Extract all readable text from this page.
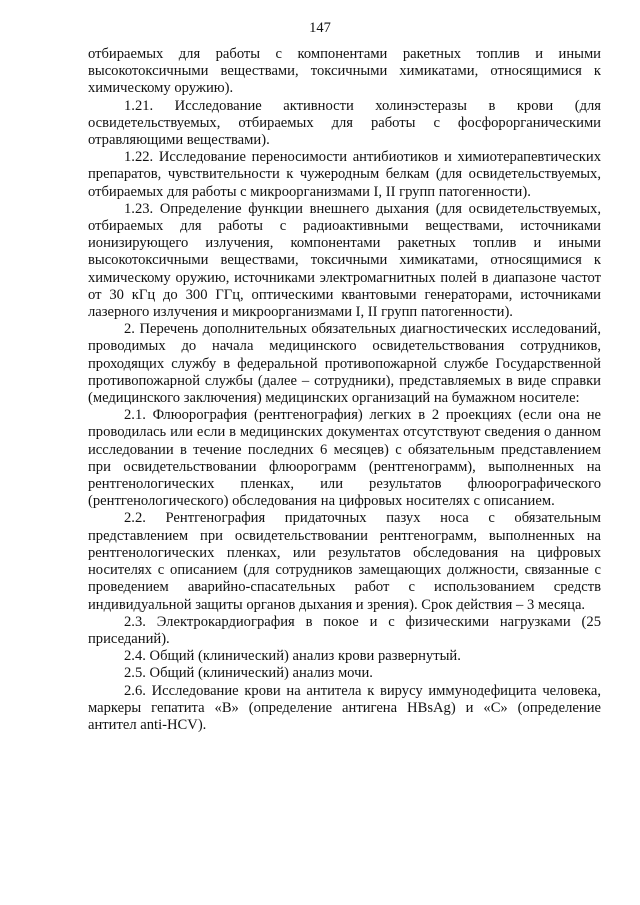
147

отбираемых для работы с компонентами ракетных топлив и иными высокотоксичными веществами, токсичными химикатами, относящимися к химическому оружию).

1.21. Исследование активности холинэстеразы в крови (для освидетельствуемых, отбираемых для работы с фосфорорганическими отравляющими веществами).

1.22. Исследование переносимости антибиотиков и химиотерапевтических препаратов, чувствительности к чужеродным белкам (для освидетельствуемых, отбираемых для работы с микроорганизмами I, II групп патогенности).

1.23. Определение функции внешнего дыхания (для освидетельствуемых, отбираемых для работы с радиоактивными веществами, источниками ионизирующего излучения, компонентами ракетных топлив и иными высокотоксичными веществами, токсичными химикатами, относящимися к химическому оружию, источниками электромагнитных полей в диапазоне частот от 30 кГц до 300 ГГц, оптическими квантовыми генераторами, источниками лазерного излучения и микроорганизмами I, II групп патогенности).

2. Перечень дополнительных обязательных диагностических исследований, проводимых до начала медицинского освидетельствования сотрудников, проходящих службу в федеральной противопожарной службе Государственной противопожарной службы (далее – сотрудники), представляемых в виде справки (медицинского заключения) медицинских организаций на бумажном носителе:

2.1. Флюорография (рентгенография) легких в 2 проекциях (если она не проводилась или если в медицинских документах отсутствуют сведения о данном исследовании в течение последних 6 месяцев) с обязательным представлением при освидетельствовании флюорограмм (рентгенограмм), выполненных на рентгенологических пленках, или результатов флюорографического (рентгенологического) обследования на цифровых носителях с описанием.

2.2. Рентгенография придаточных пазух носа с обязательным представлением при освидетельствовании рентгенограмм, выполненных на рентгенологических пленках, или результатов обследования на цифровых носителях с описанием (для сотрудников замещающих должности, связанные с проведением аварийно-спасательных работ с использованием средств индивидуальной защиты органов дыхания и зрения). Срок действия – 3 месяца.

2.3. Электрокардиография в покое и с физическими нагрузками (25 приседаний).

2.4. Общий (клинический) анализ крови развернутый.

2.5. Общий (клинический) анализ мочи.

2.6. Исследование крови на антитела к вирусу иммунодефицита человека, маркеры гепатита «В» (определение антигена HBsAg) и «С» (определение антител anti-HCV).
